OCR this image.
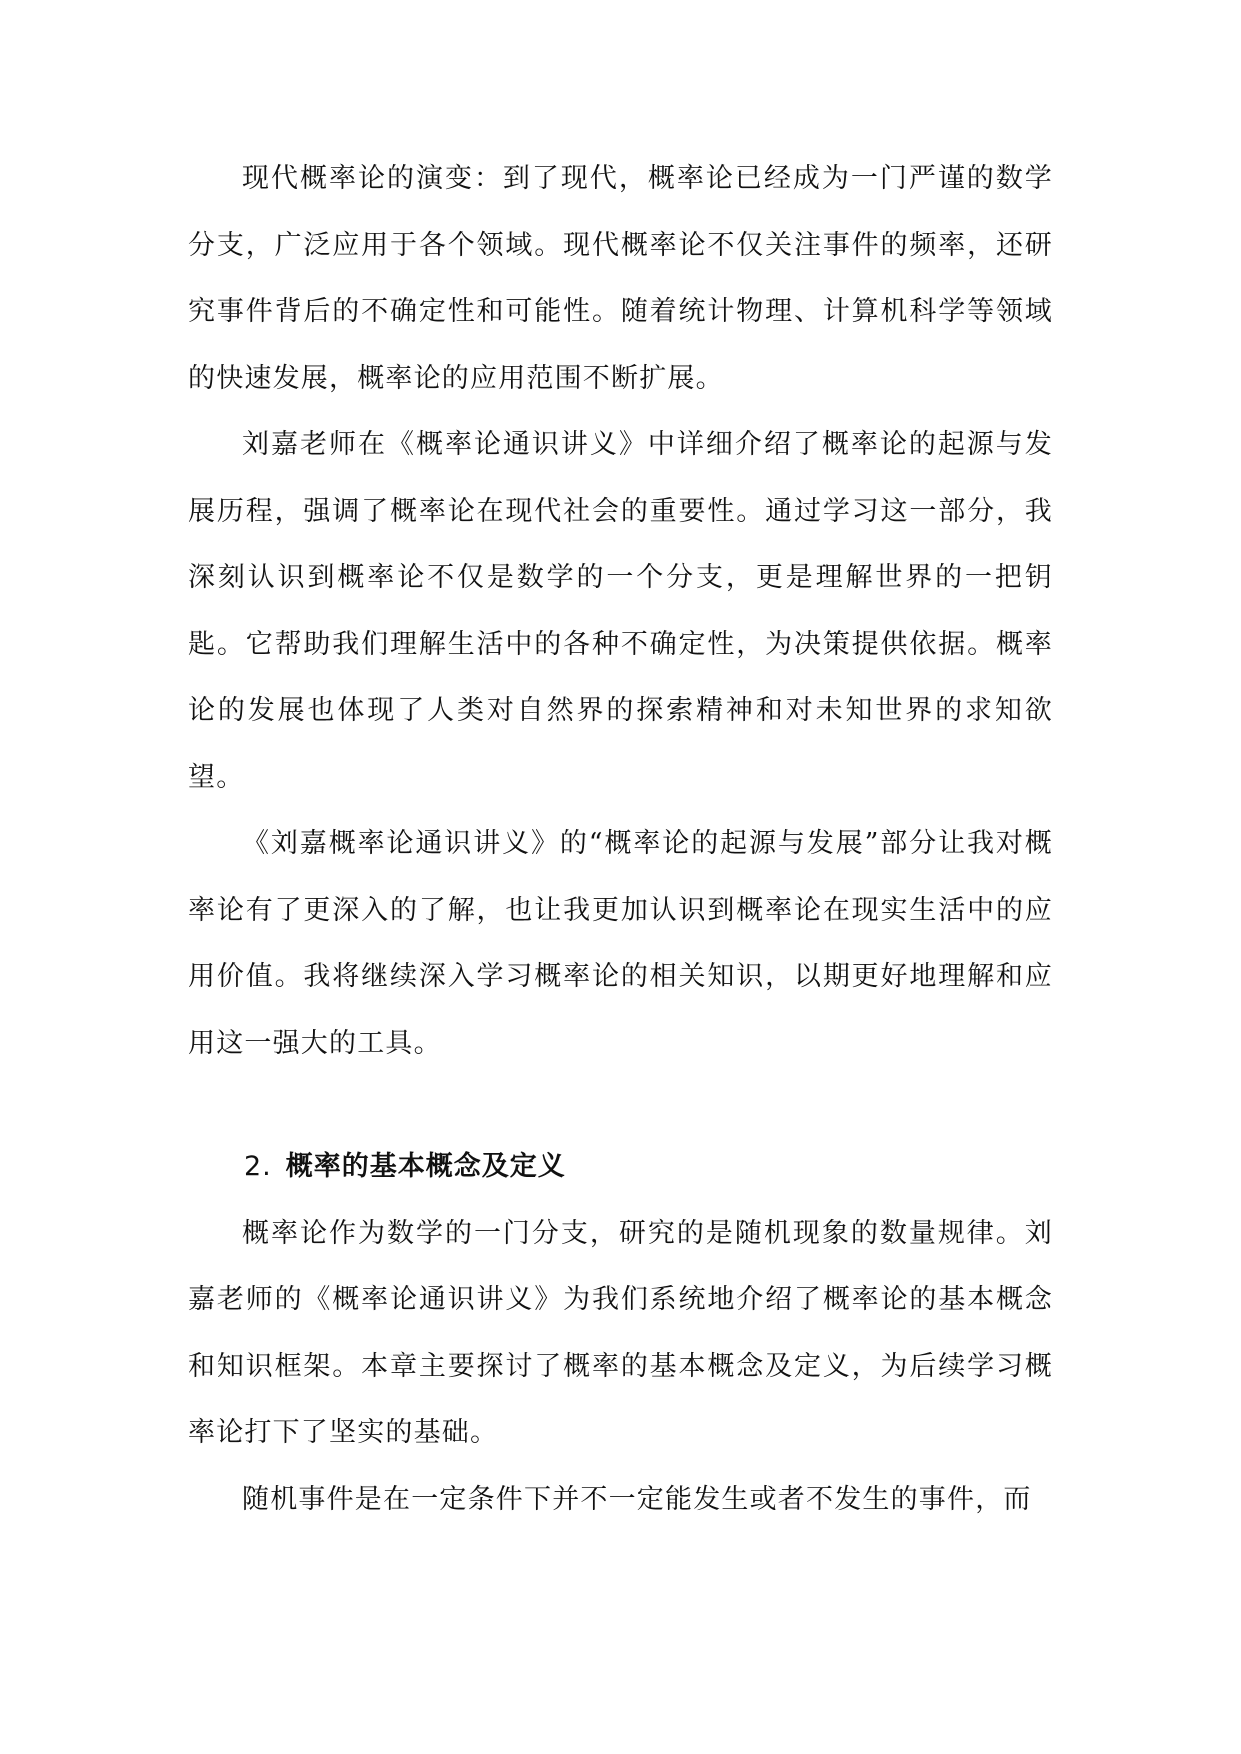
现代概率论的演变：到了现代，概率论已经成为一门严谨的数学分支，广泛应用于各个领域。现代概率论不仅关注事件的频率，还研究事件背后的不确定性和可能性。随着统计物理、计算机科学等领域的快速发展，概率论的应用范围不断扩展。

刘嘉老师在《概率论通识讲义》中详细介绍了概率论的起源与发展历程，强调了概率论在现代社会的重要性。通过学习这一部分，我深刻认识到概率论不仅是数学的一个分支，更是理解世界的一把钥匙。它帮助我们理解生活中的各种不确定性，为决策提供依据。概率论的发展也体现了人类对自然界的探索精神和对未知世界的求知欲望。

《刘嘉概率论通识讲义》的“概率论的起源与发展”部分让我对概率论有了更深入的了解，也让我更加认识到概率论在现实生活中的应用价值。我将继续深入学习概率论的相关知识，以期更好地理解和应用这一强大的工具。

2. 概率的基本概念及定义

概率论作为数学的一门分支，研究的是随机现象的数量规律。刘嘉老师的《概率论通识讲义》为我们系统地介绍了概率论的基本概念和知识框架。本章主要探讨了概率的基本概念及定义，为后续学习概率论打下了坚实的基础。

随机事件是在一定条件下并不一定能发生或者不发生的事件，而
